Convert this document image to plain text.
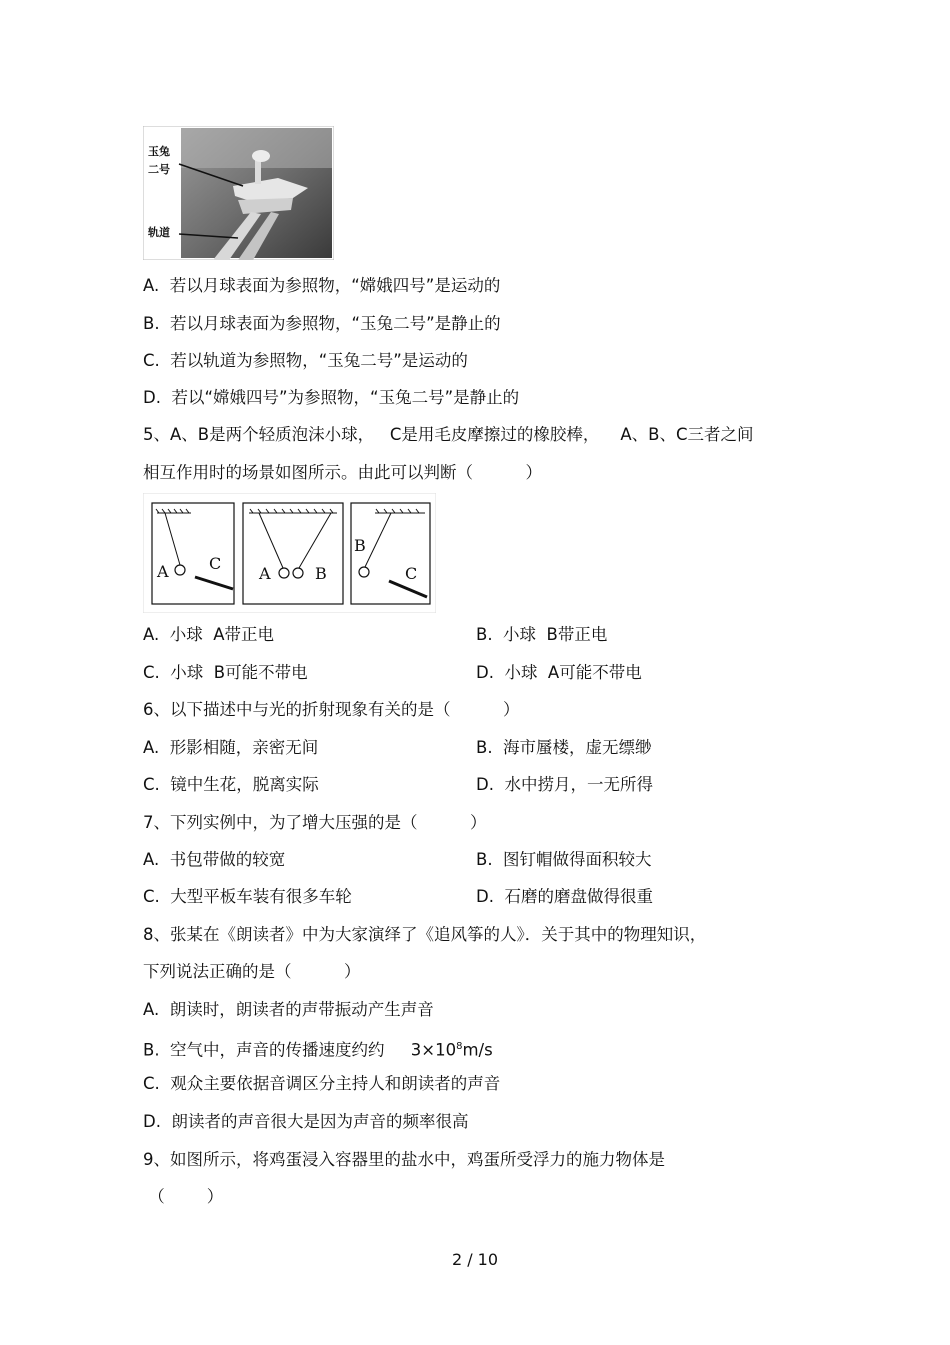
玉兔
二号
轨道
A.  若以月球表面为参照物，“嫦娥四号”是运动的
B.  若以月球表面为参照物，“玉兔二号”是静止的
C.  若以轨道为参照物，“玉兔二号”是运动的
D.  若以“嫦娥四号”为参照物，“玉兔二号”是静止的
5、A、B是两个轻质泡沫小球，   C是用毛皮摩擦过的橡胶棒，    A、B、C三者之间
相互作用时的场景如图所示。由此可以判断（          ）
A	C
A	B
B
C
A.  小球  A带正电	B.  小球  B带正电
C.  小球  B可能不带电	D.  小球  A可能不带电
6、以下描述中与光的折射现象有关的是（          ）
A.  形影相随，亲密无间	B.  海市蜃楼，虚无缥缈
C.  镜中生花，脱离实际	D.  水中捞月，一无所得
7、下列实例中，为了增大压强的是（          ）
A.  书包带做的较宽	B.  图钉帽做得面积较大
C.  大型平板车装有很多车轮	D.  石磨的磨盘做得很重
8、张某在《朗读者》中为大家演绎了《追风筝的人》．关于其中的物理知识，
下列说法正确的是（          ）
A.  朗读时，朗读者的声带振动产生声音
B.  空气中，声音的传播速度约约     $3\times 10^8m/s$
C.  观众主要依据音调区分主持人和朗读者的声音
D.  朗读者的声音很大是因为声音的频率很高
9、如图所示，将鸡蛋浸入容器里的盐水中，鸡蛋所受浮力的施力物体是
（        ）
2 / 10
